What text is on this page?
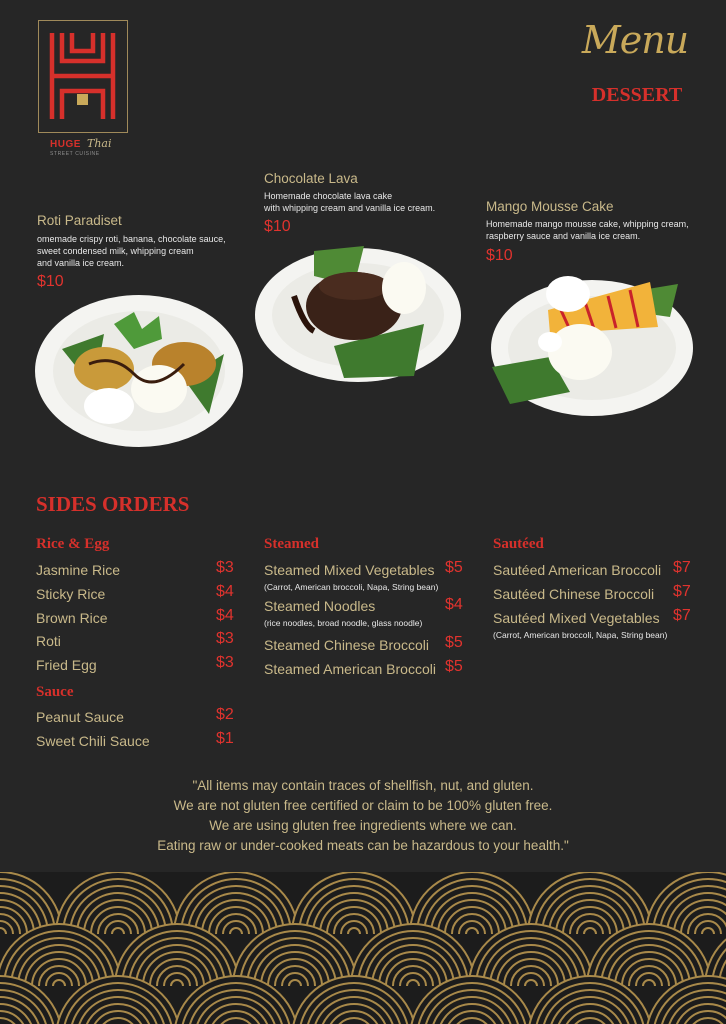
HUGE Thai
STREET CUISINE
Menu
DESSERT
Roti Paradiset
omemade crispy roti, banana, chocolate sauce,
sweet condensed milk, whipping cream
and vanilla ice cream.
$10
Chocolate Lava
Homemade chocolate lava cake
with whipping cream and vanilla ice cream.
$10
Mango Mousse Cake
Homemade mango mousse cake, whipping cream,
raspberry sauce and vanilla ice cream.
$10
SIDES ORDERS
Rice & Egg
Jasmine Rice	$3
Sticky Rice	$4
Brown Rice	$4
Roti	$3
Fried Egg	$3
Sauce
Peanut Sauce	$2
Sweet Chili Sauce	$1
Steamed
Steamed Mixed Vegetables $5
(Carrot, American broccoli, Napa, String bean)
Steamed Noodles	$4
(rice noodles, broad noodle, glass noodle)
Steamed Chinese Broccoli $5
Steamed American Broccoli $5
Sautéed
Sautéed American Broccoli $7
Sautéed Chinese Broccoli $7
Sautéed Mixed Vegetables $7
(Carrot, American broccoli, Napa, String bean)
"All items may contain traces of shellfish, nut, and gluten.
We are not gluten free certified or claim to be 100% gluten free.
We are using gluten free ingredients where we can.
Eating raw or under-cooked meats can be hazardous to your health."
